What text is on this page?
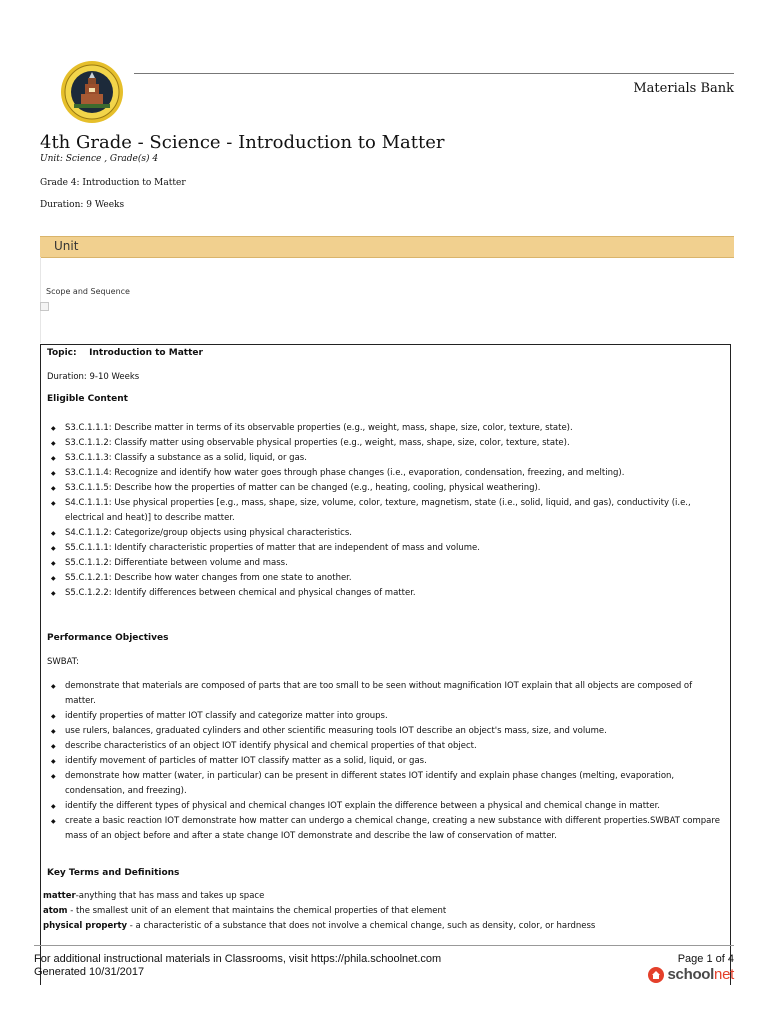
Materials Bank
4th Grade - Science - Introduction to Matter
Unit: Science , Grade(s) 4
Grade 4: Introduction to Matter
Duration: 9 Weeks
Unit
Scope and Sequence
Topic: Introduction to Matter
Duration: 9-10 Weeks
Eligible Content
◆ S3.C.1.1.1: Describe matter in terms of its observable properties (e.g., weight, mass, shape, size, color, texture, state).
◆ S3.C.1.1.2: Classify matter using observable physical properties (e.g., weight, mass, shape, size, color, texture, state).
◆ S3.C.1.1.3: Classify a substance as a solid, liquid, or gas.
◆ S3.C.1.1.4: Recognize and identify how water goes through phase changes (i.e., evaporation, condensation, freezing, and melting).
◆ S3.C.1.1.5: Describe how the properties of matter can be changed (e.g., heating, cooling, physical weathering).
◆ S4.C.1.1.1: Use physical properties [e.g., mass, shape, size, volume, color, texture, magnetism, state (i.e., solid, liquid, and gas), conductivity (i.e., electrical and heat)] to describe matter.
◆ S4.C.1.1.2: Categorize/group objects using physical characteristics.
◆ S5.C.1.1.1: Identify characteristic properties of matter that are independent of mass and volume.
◆ S5.C.1.1.2: Differentiate between volume and mass.
◆ S5.C.1.2.1: Describe how water changes from one state to another.
◆ S5.C.1.2.2: Identify differences between chemical and physical changes of matter.
Performance Objectives
SWBAT:
◆ demonstrate that materials are composed of parts that are too small to be seen without magnification IOT explain that all objects are composed of matter.
◆ identify properties of matter IOT classify and categorize matter into groups.
◆ use rulers, balances, graduated cylinders and other scientific measuring tools IOT describe an object's mass, size, and volume.
◆ describe characteristics of an object IOT identify physical and chemical properties of that object.
◆ identify movement of particles of matter IOT classify matter as a solid, liquid, or gas.
◆ demonstrate how matter (water, in particular) can be present in different states IOT identify and explain phase changes (melting, evaporation, condensation, and freezing).
◆ identify the different types of physical and chemical changes IOT explain the difference between a physical and chemical change in matter.
◆ create a basic reaction IOT demonstrate how matter can undergo a chemical change, creating a new substance with different properties.SWBAT compare mass of an object before and after a state change IOT demonstrate and describe the law of conservation of matter.
Key Terms and Definitions
matter-anything that has mass and takes up space
atom - the smallest unit of an element that maintains the chemical properties of that element
physical property - a characteristic of a substance that does not involve a chemical change, such as density, color, or hardness
For additional instructional materials in Classrooms, visit https://phila.schoolnet.com
Generated 10/31/2017
Page 1 of 4
schoolnet
